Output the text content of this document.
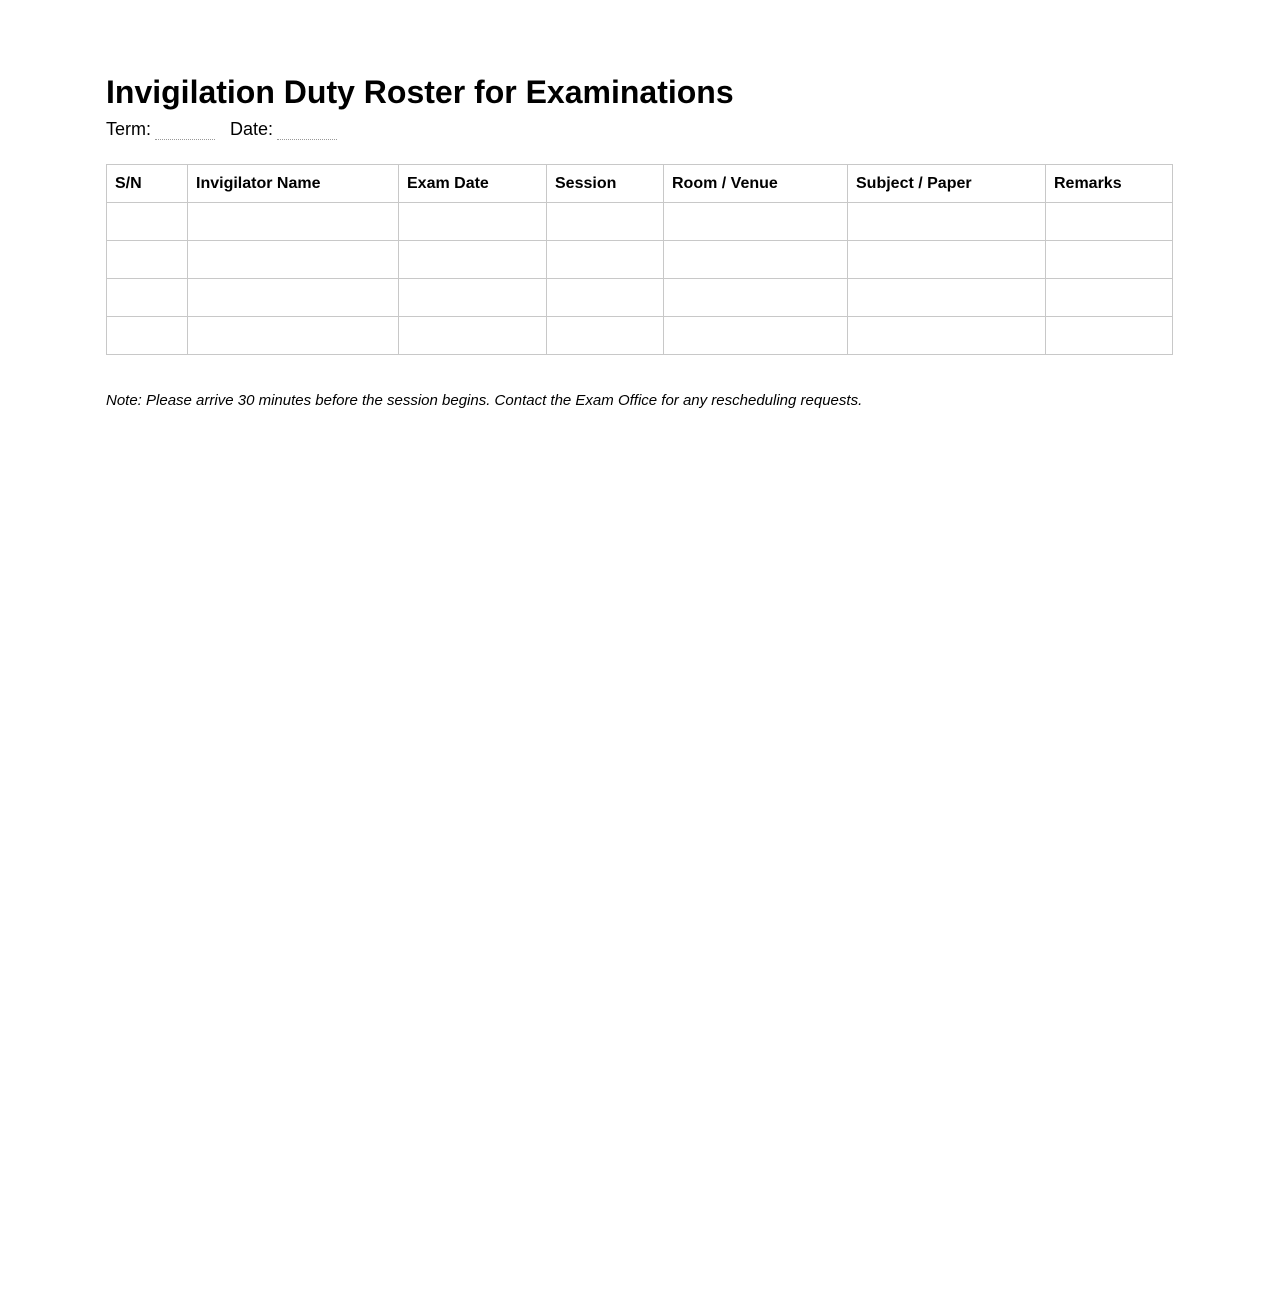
Invigilation Duty Roster for Examinations
Term:	Date:
S/N	Invigilator Name	Exam Date	Session	Room / Venue	Subject / Paper	Remarks

Note: Please arrive 30 minutes before the session begins. Contact the Exam Office for any rescheduling requests.
